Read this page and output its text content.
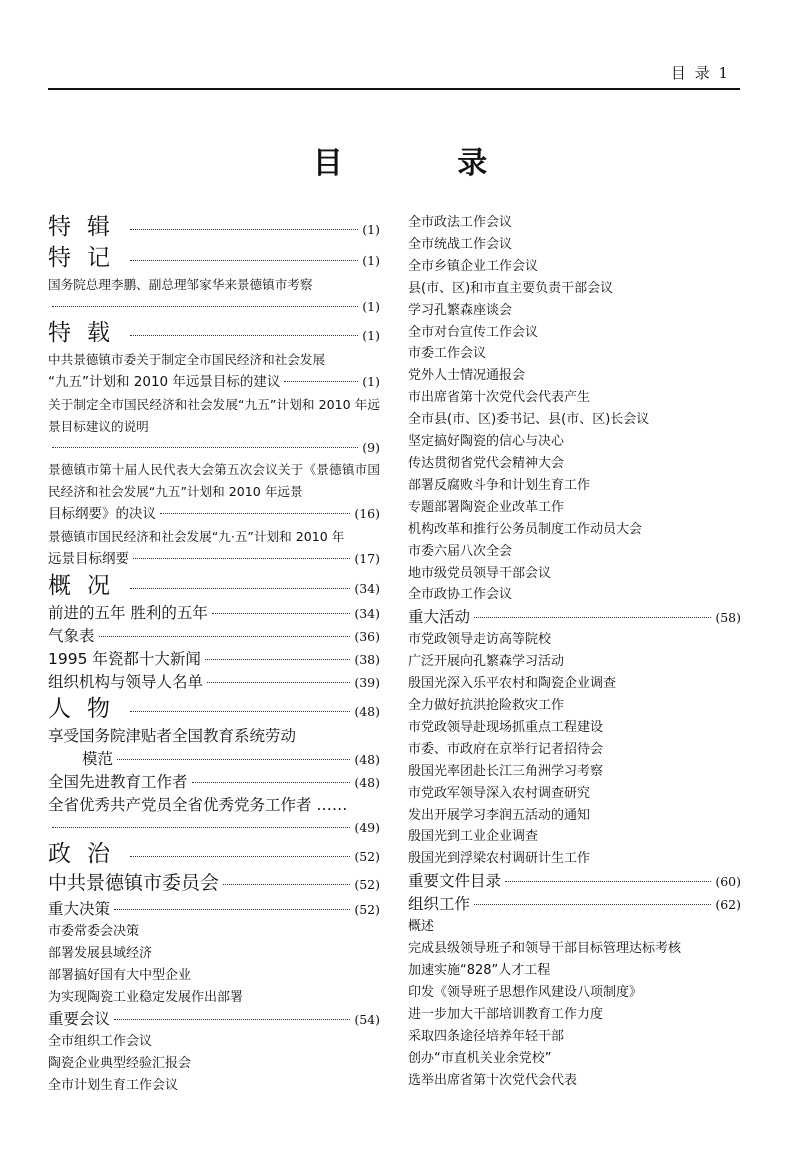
目 录 1
目 录
特辑	(1)
特记	(1)
国务院总理李鹏、副总理邹家华来景德镇市考察
(1)
特载	(1)
中共景德镇市委关于制定全市国民经济和社会发展
“九五”计划和 2010 年远景目标的建议	(1)
关于制定全市国民经济和社会发展“九五”计划和 2010 年远景目标建议的说明
(9)
景德镇市第十届人民代表大会第五次会议关于《景德镇市国民经济和社会发展“九五”计划和 2010 年远景
目标纲要》的决议	(16)
景德镇市国民经济和社会发展“九·五”计划和 2010 年
远景目标纲要	(17)
概况	(34)
前进的五年 胜利的五年	(34)
气象表	(36)
1995 年瓷都十大新闻	(38)
组织机构与领导人名单	(39)
人物	(48)
享受国务院津贴者全国教育系统劳动
模范	(48)
全国先进教育工作者	(48)
全省优秀共产党员全省优秀党务工作者 ……
(49)
政治	(52)
中共景德镇市委员会	(52)
重大决策	(52)
市委常委会决策
部署发展县域经济
部署搞好国有大中型企业
为实现陶瓷工业稳定发展作出部署
重要会议	(54)
全市组织工作会议
陶瓷企业典型经验汇报会
全市计划生育工作会议
全市政法工作会议
全市统战工作会议
全市乡镇企业工作会议
县(市、区)和市直主要负责干部会议
学习孔繁森座谈会
全市对台宣传工作会议
市委工作会议
党外人士情况通报会
市出席省第十次党代会代表产生
全市县(市、区)委书记、县(市、区)长会议
坚定搞好陶瓷的信心与决心
传达贯彻省党代会精神大会
部署反腐败斗争和计划生育工作
专题部署陶瓷企业改革工作
机构改革和推行公务员制度工作动员大会
市委六届八次全会
地市级党员领导干部会议
全市政协工作会议
重大活动	(58)
市党政领导走访高等院校
广泛开展向孔繁森学习活动
殷国光深入乐平农村和陶瓷企业调查
全力做好抗洪抢险救灾工作
市党政领导赴现场抓重点工程建设
市委、市政府在京举行记者招待会
殷国光率团赴长江三角洲学习考察
市党政军领导深入农村调查研究
发出开展学习李润五活动的通知
殷国光到工业企业调查
殷国光到浮梁农村调研计生工作
重要文件目录	(60)
组织工作	(62)
概述
完成县级领导班子和领导干部目标管理达标考核
加速实施“828”人才工程
印发《领导班子思想作风建设八项制度》
进一步加大干部培训教育工作力度
采取四条途径培养年轻干部
创办“市直机关业余党校”
选举出席省第十次党代会代表
